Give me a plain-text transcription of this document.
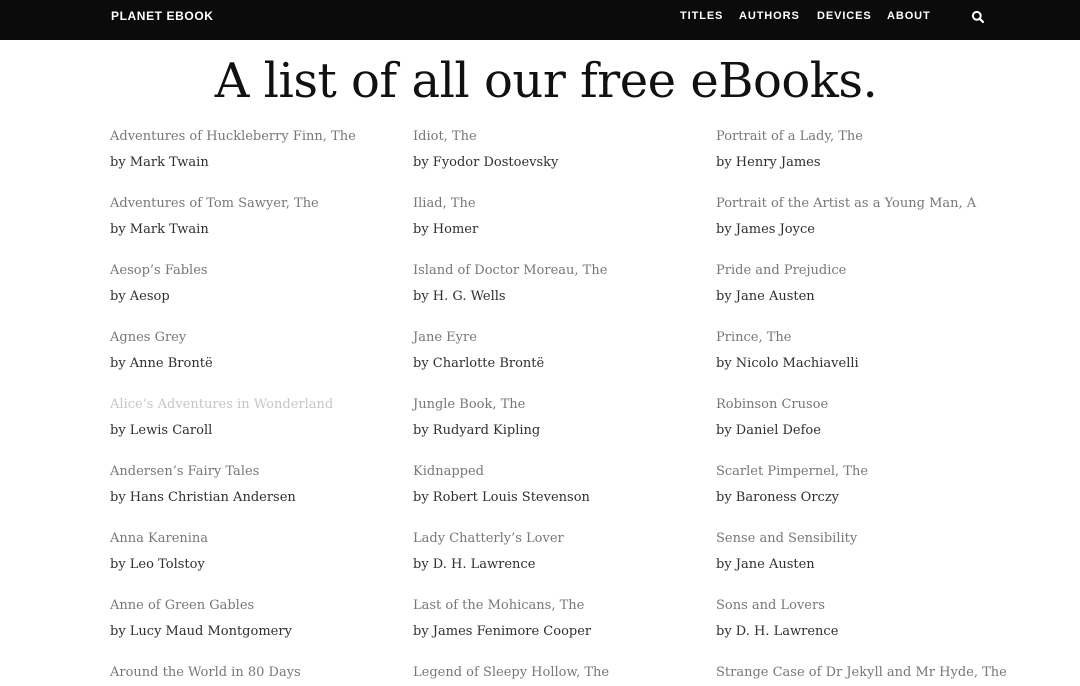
PLANET EBOOK	TITLES AUTHORS DEVICES ABOUT
A list of all our free eBooks.
Adventures of Huckleberry Finn, The
by Mark Twain
Adventures of Tom Sawyer, The
by Mark Twain
Aesop’s Fables
by Aesop
Agnes Grey
by Anne Brontë
Alice’s Adventures in Wonderland
by Lewis Caroll
Andersen’s Fairy Tales
by Hans Christian Andersen
Anna Karenina
by Leo Tolstoy
Anne of Green Gables
by Lucy Maud Montgomery
Around the World in 80 Days
Idiot, The
by Fyodor Dostoevsky
Iliad, The
by Homer
Island of Doctor Moreau, The
by H. G. Wells
Jane Eyre
by Charlotte Brontë
Jungle Book, The
by Rudyard Kipling
Kidnapped
by Robert Louis Stevenson
Lady Chatterly’s Lover
by D. H. Lawrence
Last of the Mohicans, The
by James Fenimore Cooper
Legend of Sleepy Hollow, The
Portrait of a Lady, The
by Henry James
Portrait of the Artist as a Young Man, A
by James Joyce
Pride and Prejudice
by Jane Austen
Prince, The
by Nicolo Machiavelli
Robinson Crusoe
by Daniel Defoe
Scarlet Pimpernel, The
by Baroness Orczy
Sense and Sensibility
by Jane Austen
Sons and Lovers
by D. H. Lawrence
Strange Case of Dr Jekyll and Mr Hyde, The
